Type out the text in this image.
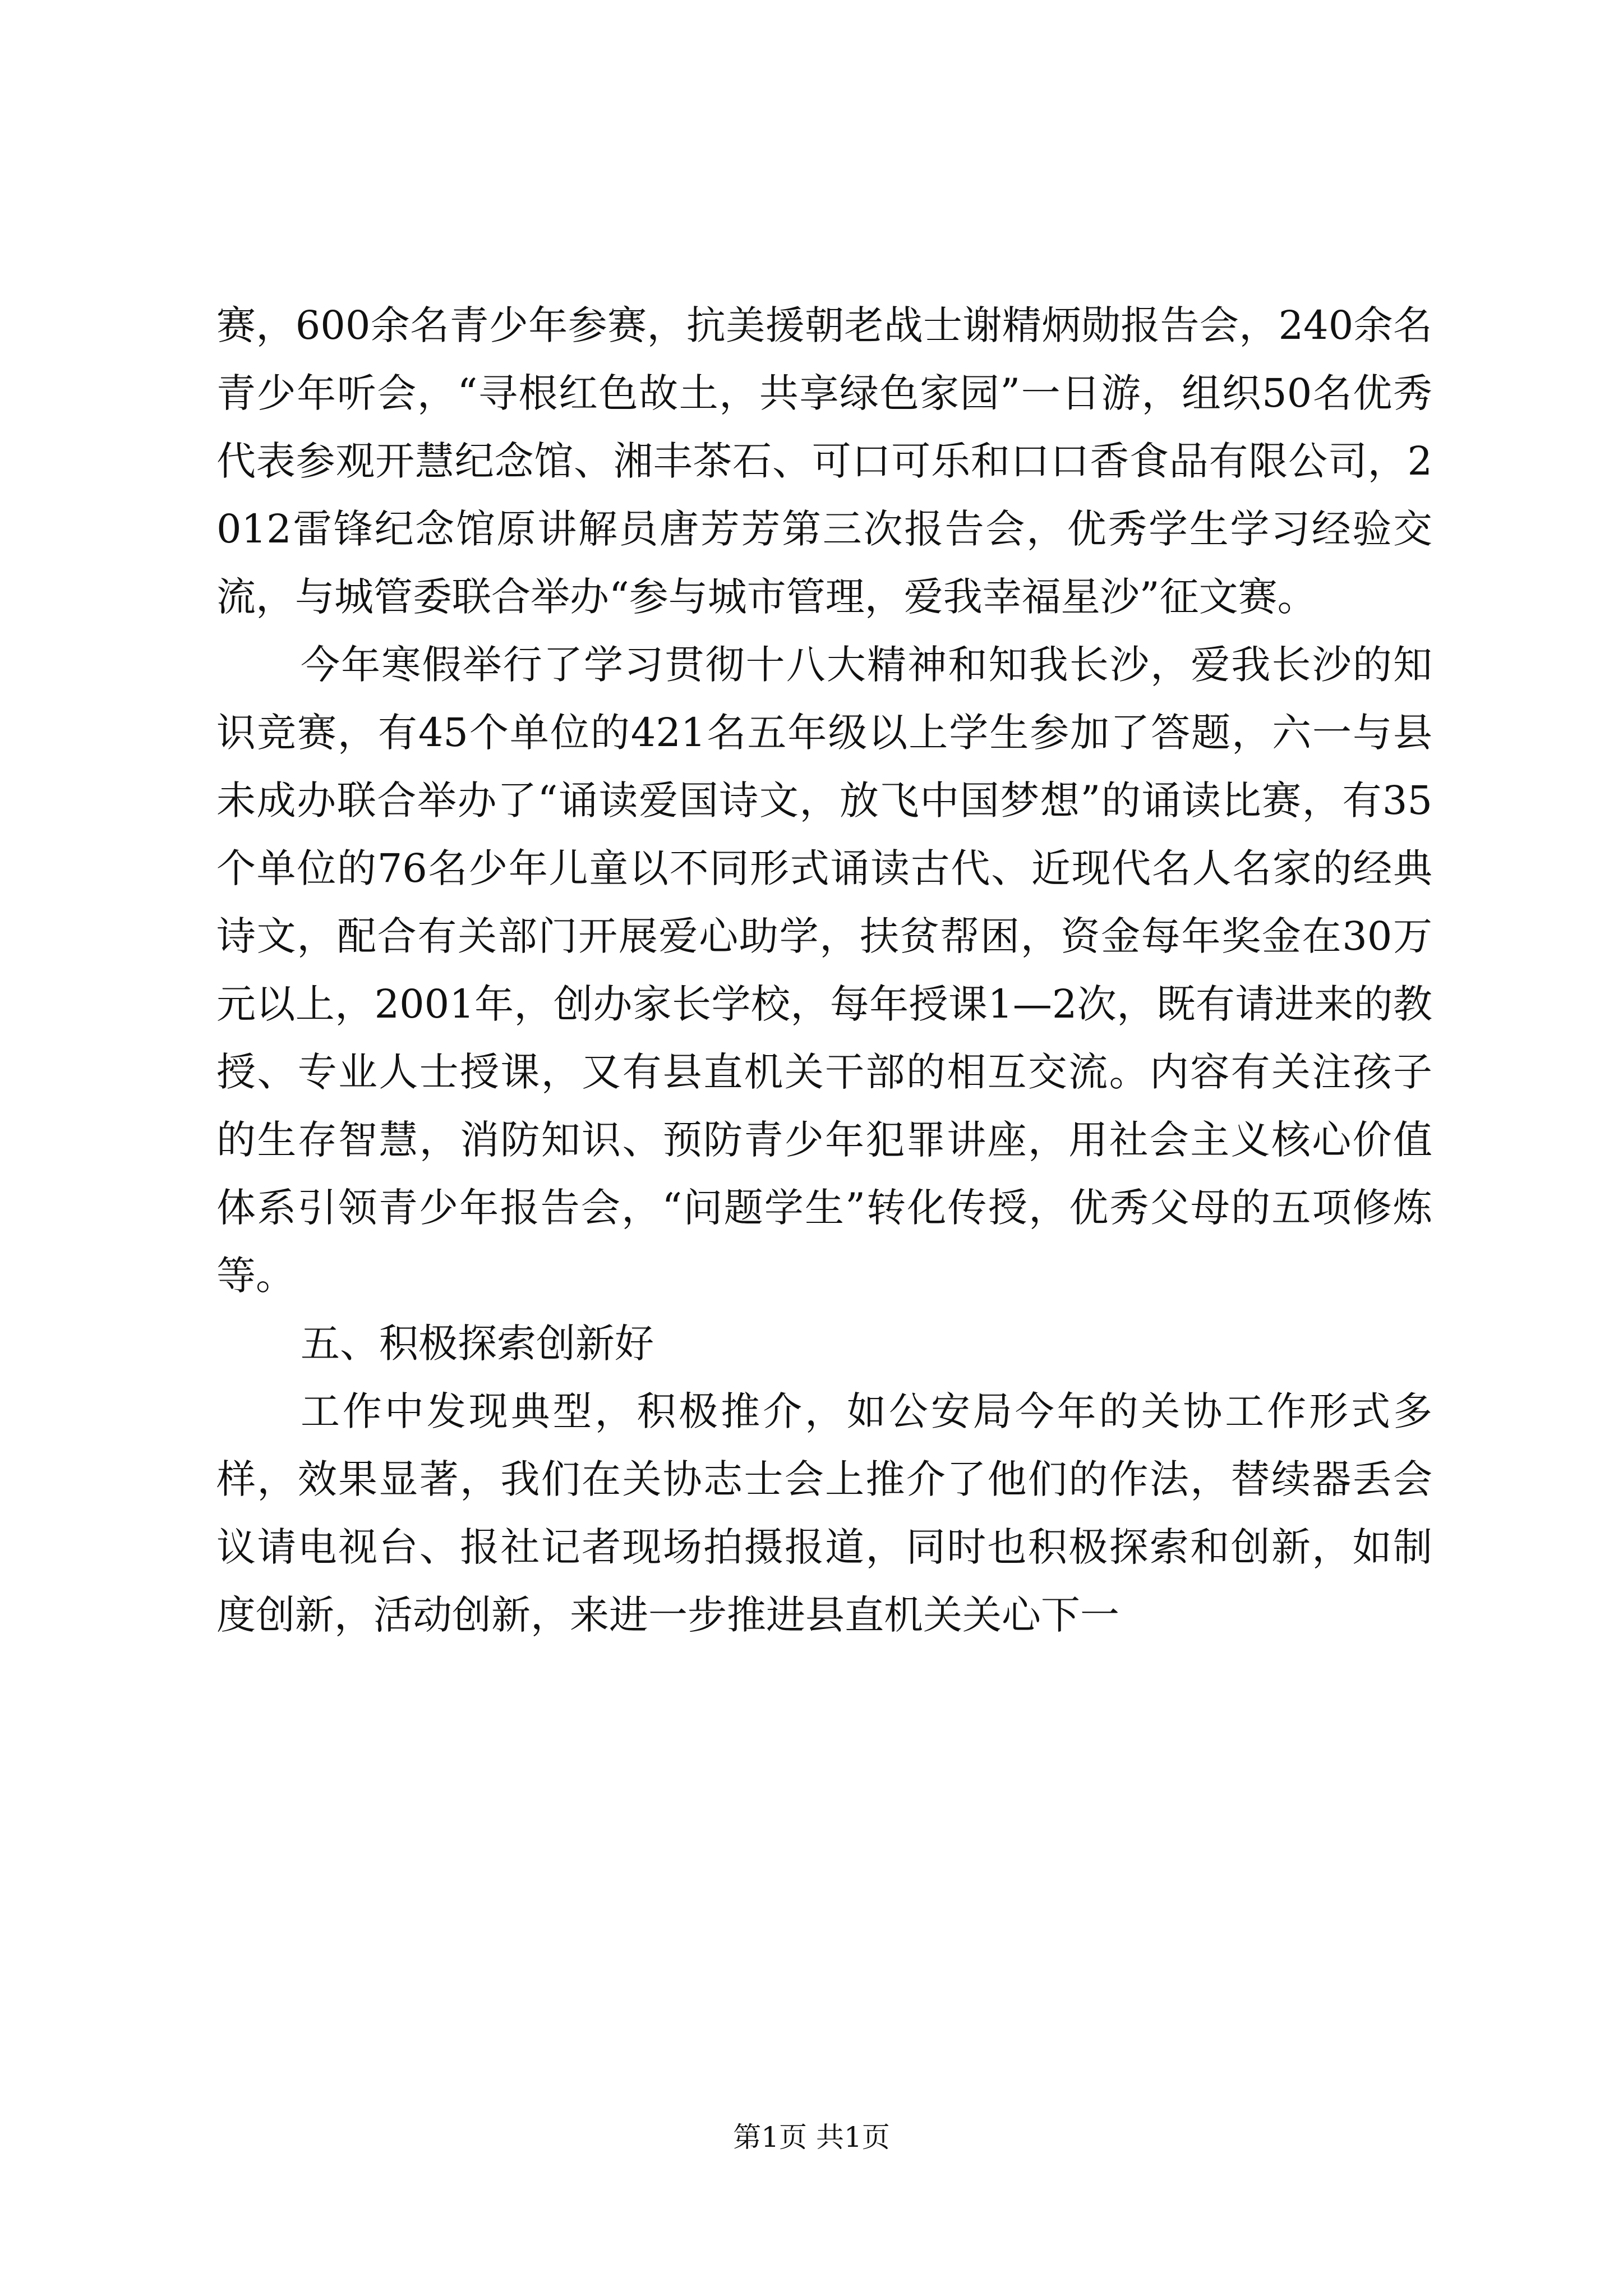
赛，600余名青少年参赛，抗美援朝老战士谢精炳勋报告会，240余名青少年听会，“寻根红色故土，共享绿色家园”一日游，组织50名优秀代表参观开慧纪念馆、湘丰茶石、可口可乐和口口香食品有限公司，2012雷锋纪念馆原讲解员唐芳芳第三次报告会，优秀学生学习经验交流，与城管委联合举办“参与城市管理，爱我幸福星沙”征文赛。

今年寒假举行了学习贯彻十八大精神和知我长沙，爱我长沙的知识竞赛，有45个单位的421名五年级以上学生参加了答题，六一与县未成办联合举办了“诵读爱国诗文，放飞中国梦想”的诵读比赛，有35个单位的76名少年儿童以不同形式诵读古代、近现代名人名家的经典诗文，配合有关部门开展爱心助学，扶贫帮困，资金每年奖金在30万元以上，2001年，创办家长学校，每年授课1—2次，既有请进来的教授、专业人士授课，又有县直机关干部的相互交流。内容有关注孩子的生存智慧，消防知识、预防青少年犯罪讲座，用社会主义核心价值体系引领青少年报告会，“问题学生”转化传授，优秀父母的五项修炼等。

五、积极探索创新好

工作中发现典型，积极推介，如公安局今年的关协工作形式多样，效果显著，我们在关协志士会上推介了他们的作法，替续器丢会议请电视台、报社记者现场拍摄报道，同时也积极探索和创新，如制度创新，活动创新，来进一步推进县直机关关心下一

第1页 共1页
